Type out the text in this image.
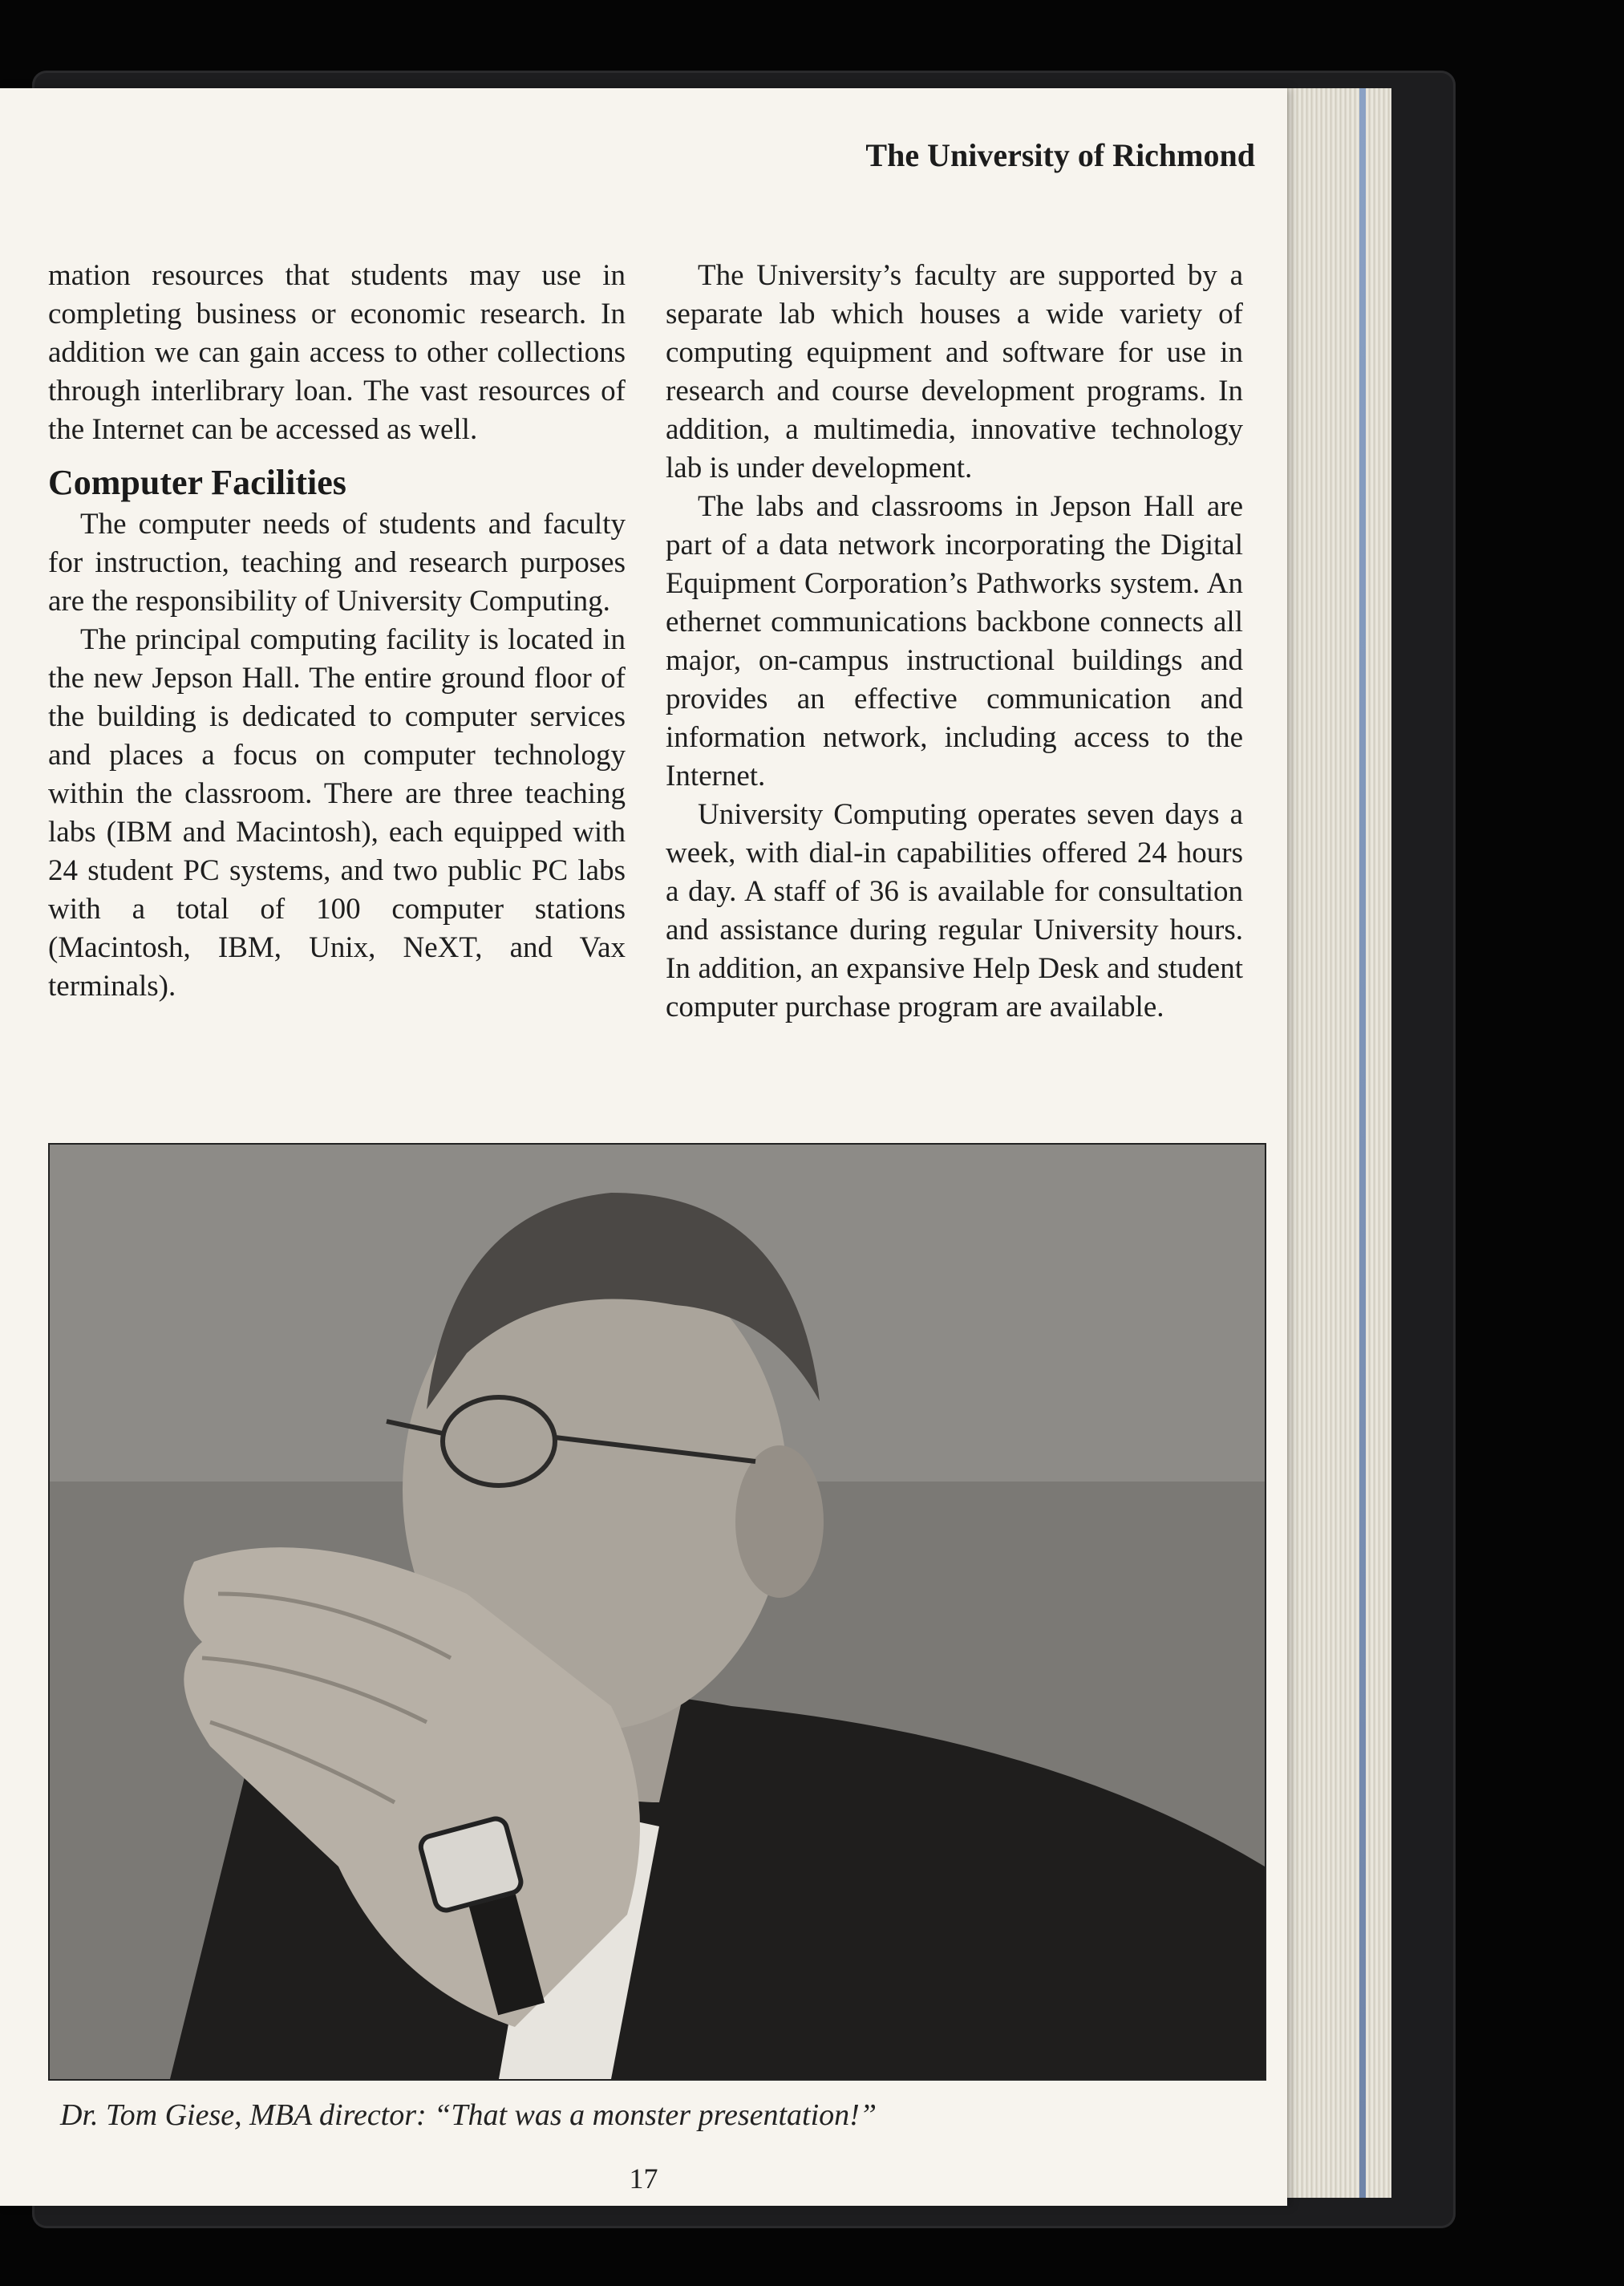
The University of Richmond

mation resources that students may use in completing business or economic research. In addition we can gain access to other collections through interlibrary loan. The vast resources of the Internet can be accessed as well.

Computer Facilities

The computer needs of students and faculty for instruction, teaching and research purposes are the responsibility of University Computing.

The principal computing facility is located in the new Jepson Hall. The entire ground floor of the building is dedicated to computer services and places a focus on computer technology within the classroom. There are three teaching labs (IBM and Macintosh), each equipped with 24 student PC systems, and two public PC labs with a total of 100 computer stations (Macintosh, IBM, Unix, NeXT, and Vax terminals).

The University’s faculty are supported by a separate lab which houses a wide variety of computing equipment and software for use in research and course development programs. In addition, a multimedia, innovative technology lab is under development.

The labs and classrooms in Jepson Hall are part of a data network incorporating the Digital Equipment Corporation’s Pathworks system. An ethernet communications backbone connects all major, on-campus instructional buildings and provides an effective communication and information network, including access to the Internet.

University Computing operates seven days a week, with dial-in capabilities offered 24 hours a day. A staff of 36 is available for consultation and assistance during regular University hours. In addition, an expansive Help Desk and student computer purchase program are available.

Dr. Tom Giese, MBA director: “That was a monster presentation!”

17
